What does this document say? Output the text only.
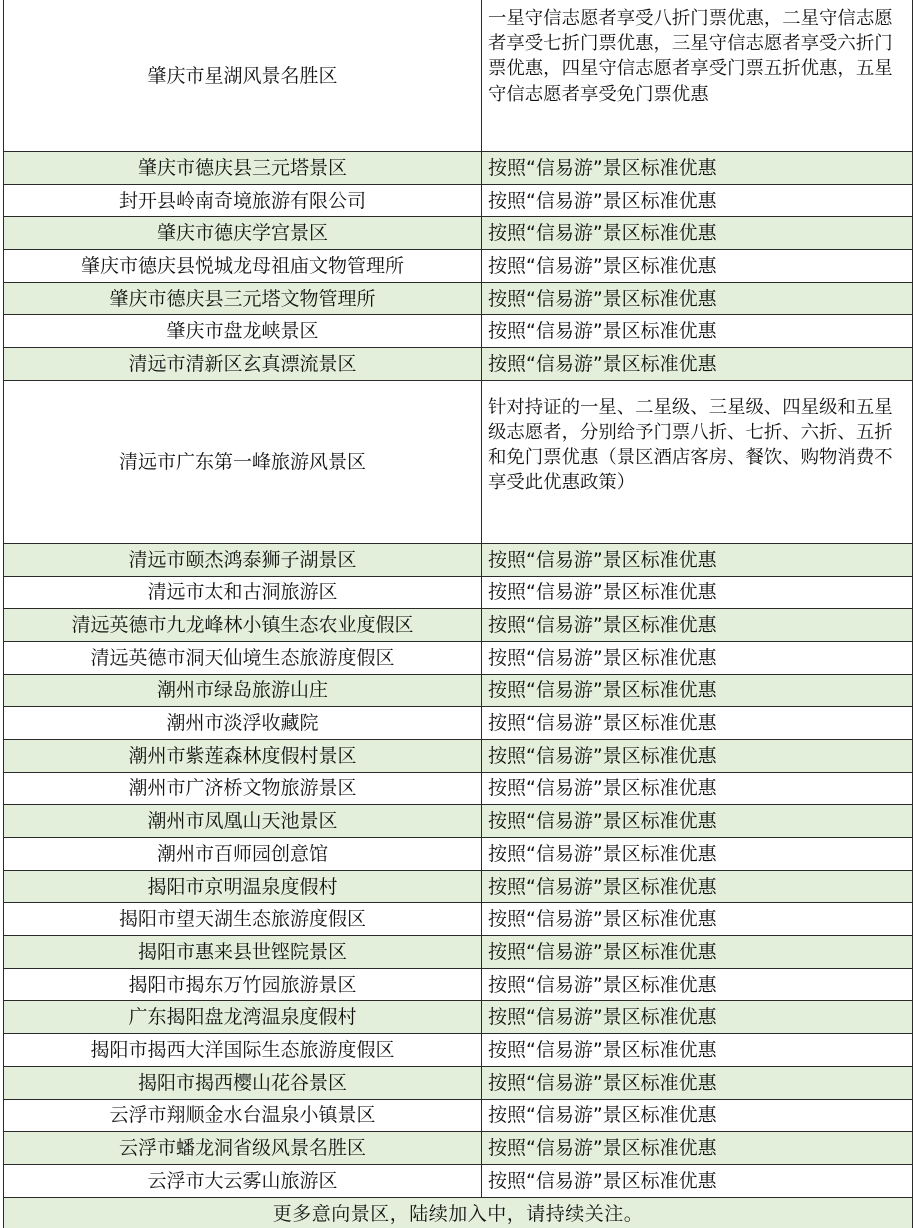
肇庆市星湖风景名胜区	一星守信志愿者享受八折门票优惠，二星守信志愿者享受七折门票优惠，三星守信志愿者享受六折门票优惠，四星守信志愿者享受门票五折优惠，五星守信志愿者享受免门票优惠
肇庆市德庆县三元塔景区	按照“信易游”景区标准优惠
封开县岭南奇境旅游有限公司	按照“信易游”景区标准优惠
肇庆市德庆学宫景区	按照“信易游”景区标准优惠
肇庆市德庆县悦城龙母祖庙文物管理所	按照“信易游”景区标准优惠
肇庆市德庆县三元塔文物管理所	按照“信易游”景区标准优惠
肇庆市盘龙峡景区	按照“信易游”景区标准优惠
清远市清新区玄真漂流景区	按照“信易游”景区标准优惠
清远市广东第一峰旅游风景区	针对持证的一星、二星级、三星级、四星级和五星级志愿者，分别给予门票八折、七折、六折、五折和免门票优惠（景区酒店客房、餐饮、购物消费不享受此优惠政策）
清远市颐杰鸿泰狮子湖景区	按照“信易游”景区标准优惠
清远市太和古洞旅游区	按照“信易游”景区标准优惠
清远英德市九龙峰林小镇生态农业度假区	按照“信易游”景区标准优惠
清远英德市洞天仙境生态旅游度假区	按照“信易游”景区标准优惠
潮州市绿岛旅游山庄	按照“信易游”景区标准优惠
潮州市淡浮收藏院	按照“信易游”景区标准优惠
潮州市紫莲森林度假村景区	按照“信易游”景区标准优惠
潮州市广济桥文物旅游景区	按照“信易游”景区标准优惠
潮州市凤凰山天池景区	按照“信易游”景区标准优惠
潮州市百师园创意馆	按照“信易游”景区标准优惠
揭阳市京明温泉度假村	按照“信易游”景区标准优惠
揭阳市望天湖生态旅游度假区	按照“信易游”景区标准优惠
揭阳市惠来县世铿院景区	按照“信易游”景区标准优惠
揭阳市揭东万竹园旅游景区	按照“信易游”景区标准优惠
广东揭阳盘龙湾温泉度假村	按照“信易游”景区标准优惠
揭阳市揭西大洋国际生态旅游度假区	按照“信易游”景区标准优惠
揭阳市揭西樱山花谷景区	按照“信易游”景区标准优惠
云浮市翔顺金水台温泉小镇景区	按照“信易游”景区标准优惠
云浮市蟠龙洞省级风景名胜区	按照“信易游”景区标准优惠
云浮市大云雾山旅游区	按照“信易游”景区标准优惠
更多意向景区，陆续加入中，请持续关注。	
